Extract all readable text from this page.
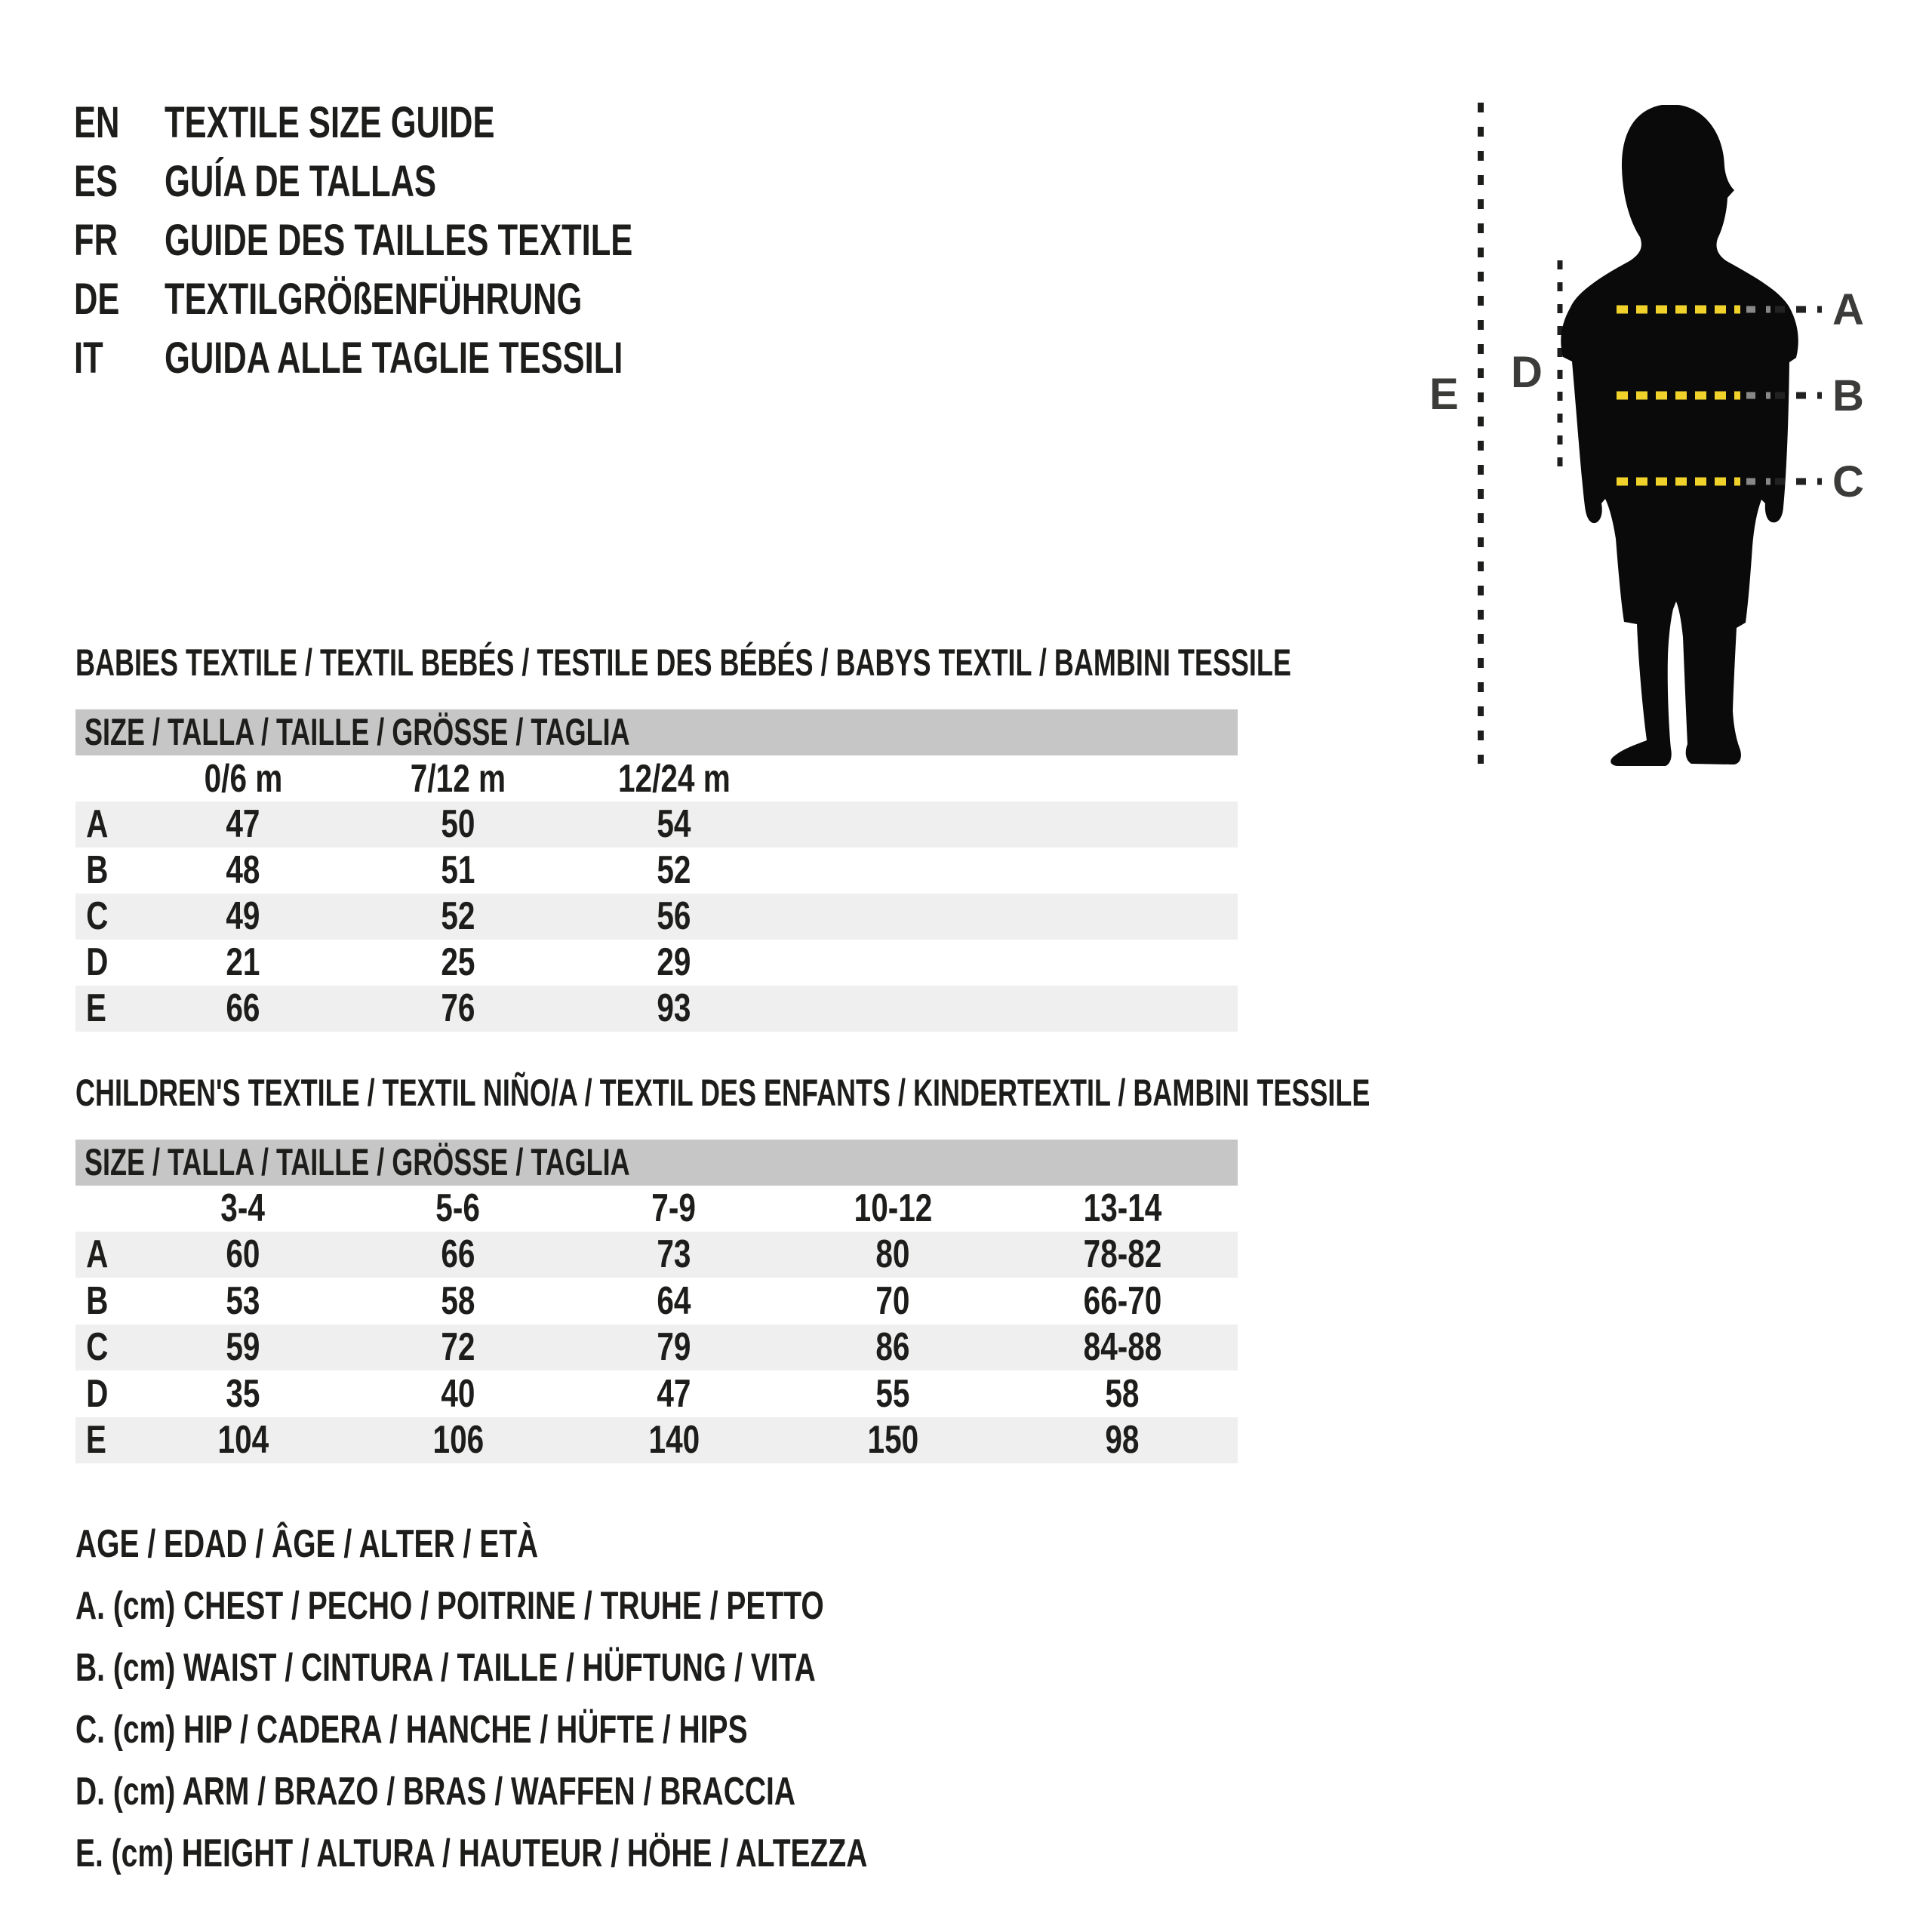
EN	TEXTILE SIZE GUIDE
ES	GUÍA DE TALLAS
FR	GUIDE DES TAILLES TEXTILE
DE	TEXTILGRÖßENFÜHRUNG
IT GUIDA ALLE TAGLIE TESSILI
A
B
C
D
E
BABIES TEXTILE / TEXTIL BEBÉS / TESTILE DES BÉBÉS / BABYS TEXTIL / BAMBINI TESSILE
SIZE / TALLA / TAILLE / GRÖSSE / TAGLIA
0/6 m	7/12 m	12/24 m
A	47	50	54
B	48	51	52
C	49	52	56
D	21	25	29
E	66	76	93
CHILDREN'S TEXTILE / TEXTIL NIÑO/A / TEXTIL DES ENFANTS / KINDERTEXTIL / BAMBINI TESSILE
SIZE / TALLA / TAILLE / GRÖSSE / TAGLIA
3-4	5-6	7-9	10-12	13-14
A	60	66	73	80	78-82
B	53	58	64	70	66-70
C	59	72	79	86	84-88
D	35	40	47	55	58
E	104	106	140	150	98
AGE / EDAD / ÂGE / ALTER / ETÀ
A. (cm) CHEST / PECHO / POITRINE / TRUHE / PETTO
B. (cm) WAIST / CINTURA / TAILLE / HÜFTUNG / VITA
C. (cm) HIP / CADERA / HANCHE / HÜFTE / HIPS
D. (cm) ARM / BRAZO / BRAS / WAFFEN / BRACCIA
E. (cm) HEIGHT / ALTURA / HAUTEUR / HÖHE / ALTEZZA
